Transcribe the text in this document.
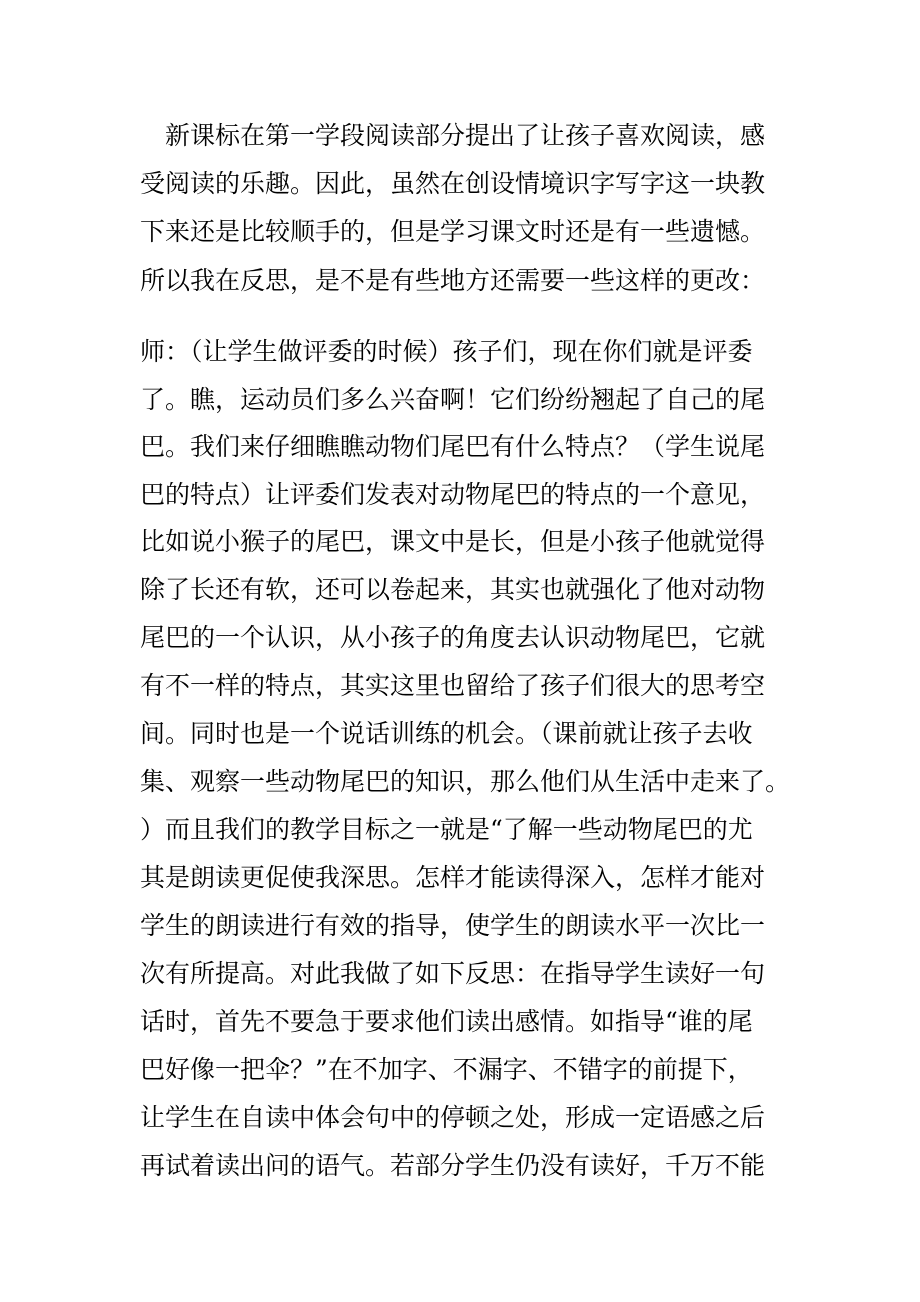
新课标在第一学段阅读部分提出了让孩子喜欢阅读，感

受阅读的乐趣。因此，虽然在创设情境识字写字这一块教

下来还是比较顺手的，但是学习课文时还是有一些遗憾。

所以我在反思，是不是有些地方还需要一些这样的更改：

师：（让学生做评委的时候）孩子们，现在你们就是评委

了。瞧，运动员们多么兴奋啊！它们纷纷翘起了自己的尾

巴。我们来仔细瞧瞧动物们尾巴有什么特点？（学生说尾

巴的特点）让评委们发表对动物尾巴的特点的一个意见，

比如说小猴子的尾巴，课文中是长，但是小孩子他就觉得

除了长还有软，还可以卷起来，其实也就强化了他对动物

尾巴的一个认识，从小孩子的角度去认识动物尾巴，它就

有不一样的特点，其实这里也留给了孩子们很大的思考空

间。同时也是一个说话训练的机会。（课前就让孩子去收

集、观察一些动物尾巴的知识，那么他们从生活中走来了。

）而且我们的教学目标之一就是“了解一些动物尾巴的尤

其是朗读更促使我深思。怎样才能读得深入，怎样才能对

学生的朗读进行有效的指导，使学生的朗读水平一次比一

次有所提高。对此我做了如下反思：在指导学生读好一句

话时，首先不要急于要求他们读出感情。如指导“谁的尾

巴好像一把伞？”在不加字、不漏字、不错字的前提下，

让学生在自读中体会句中的停顿之处，形成一定语感之后

再试着读出问的语气。若部分学生仍没有读好，千万不能
